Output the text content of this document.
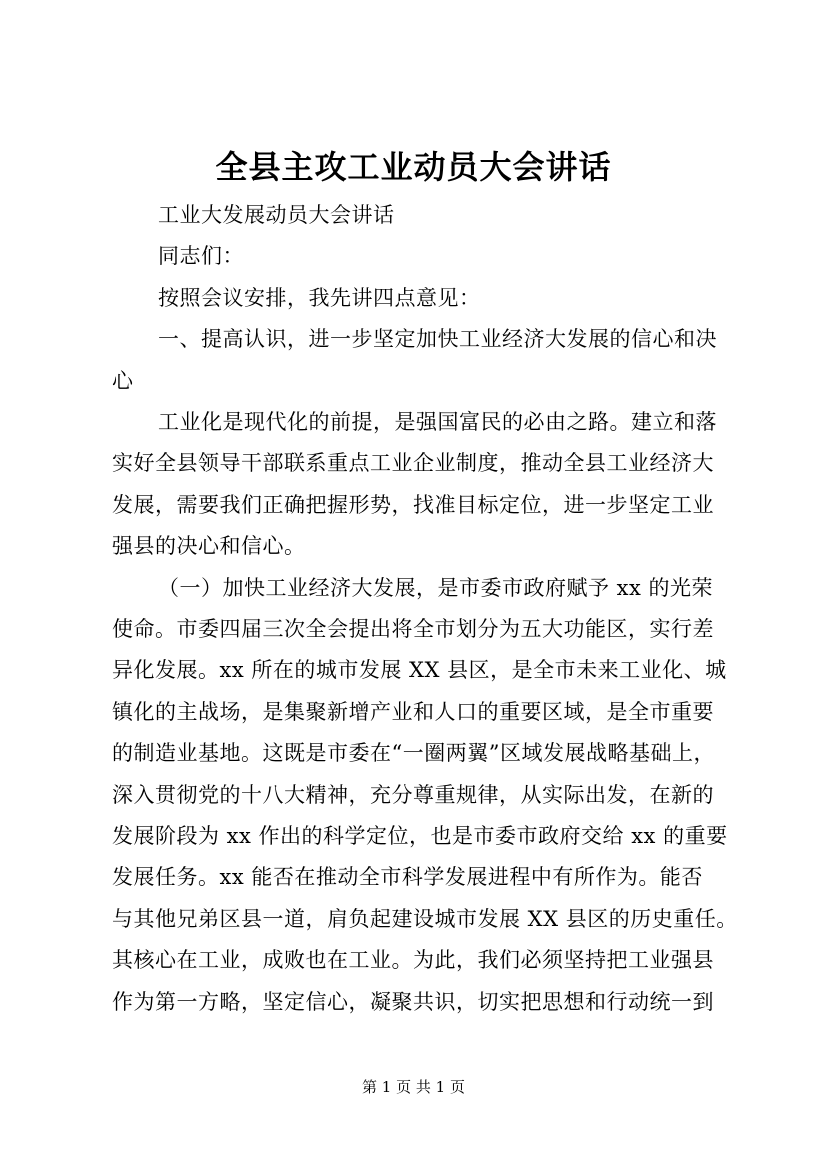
全县主攻工业动员大会讲话
工业大发展动员大会讲话
同志们：
按照会议安排，我先讲四点意见：
一、提高认识，进一步坚定加快工业经济大发展的信心和决
心
工业化是现代化的前提，是强国富民的必由之路。建立和落
实好全县领导干部联系重点工业企业制度，推动全县工业经济大
发展，需要我们正确把握形势，找准目标定位，进一步坚定工业
强县的决心和信心。
（一）加快工业经济大发展，是市委市政府赋予 xx 的光荣
使命。市委四届三次全会提出将全市划分为五大功能区，实行差
异化发展。xx 所在的城市发展 XX 县区，是全市未来工业化、城
镇化的主战场，是集聚新增产业和人口的重要区域，是全市重要
的制造业基地。这既是市委在“一圈两翼”区域发展战略基础上，
深入贯彻党的十八大精神，充分尊重规律，从实际出发，在新的
发展阶段为 xx 作出的科学定位，也是市委市政府交给 xx 的重要
发展任务。xx 能否在推动全市科学发展进程中有所作为。能否
与其他兄弟区县一道，肩负起建设城市发展 XX 县区的历史重任。
其核心在工业，成败也在工业。为此，我们必须坚持把工业强县
作为第一方略，坚定信心，凝聚共识，切实把思想和行动统一到
第 1 页 共 1 页
